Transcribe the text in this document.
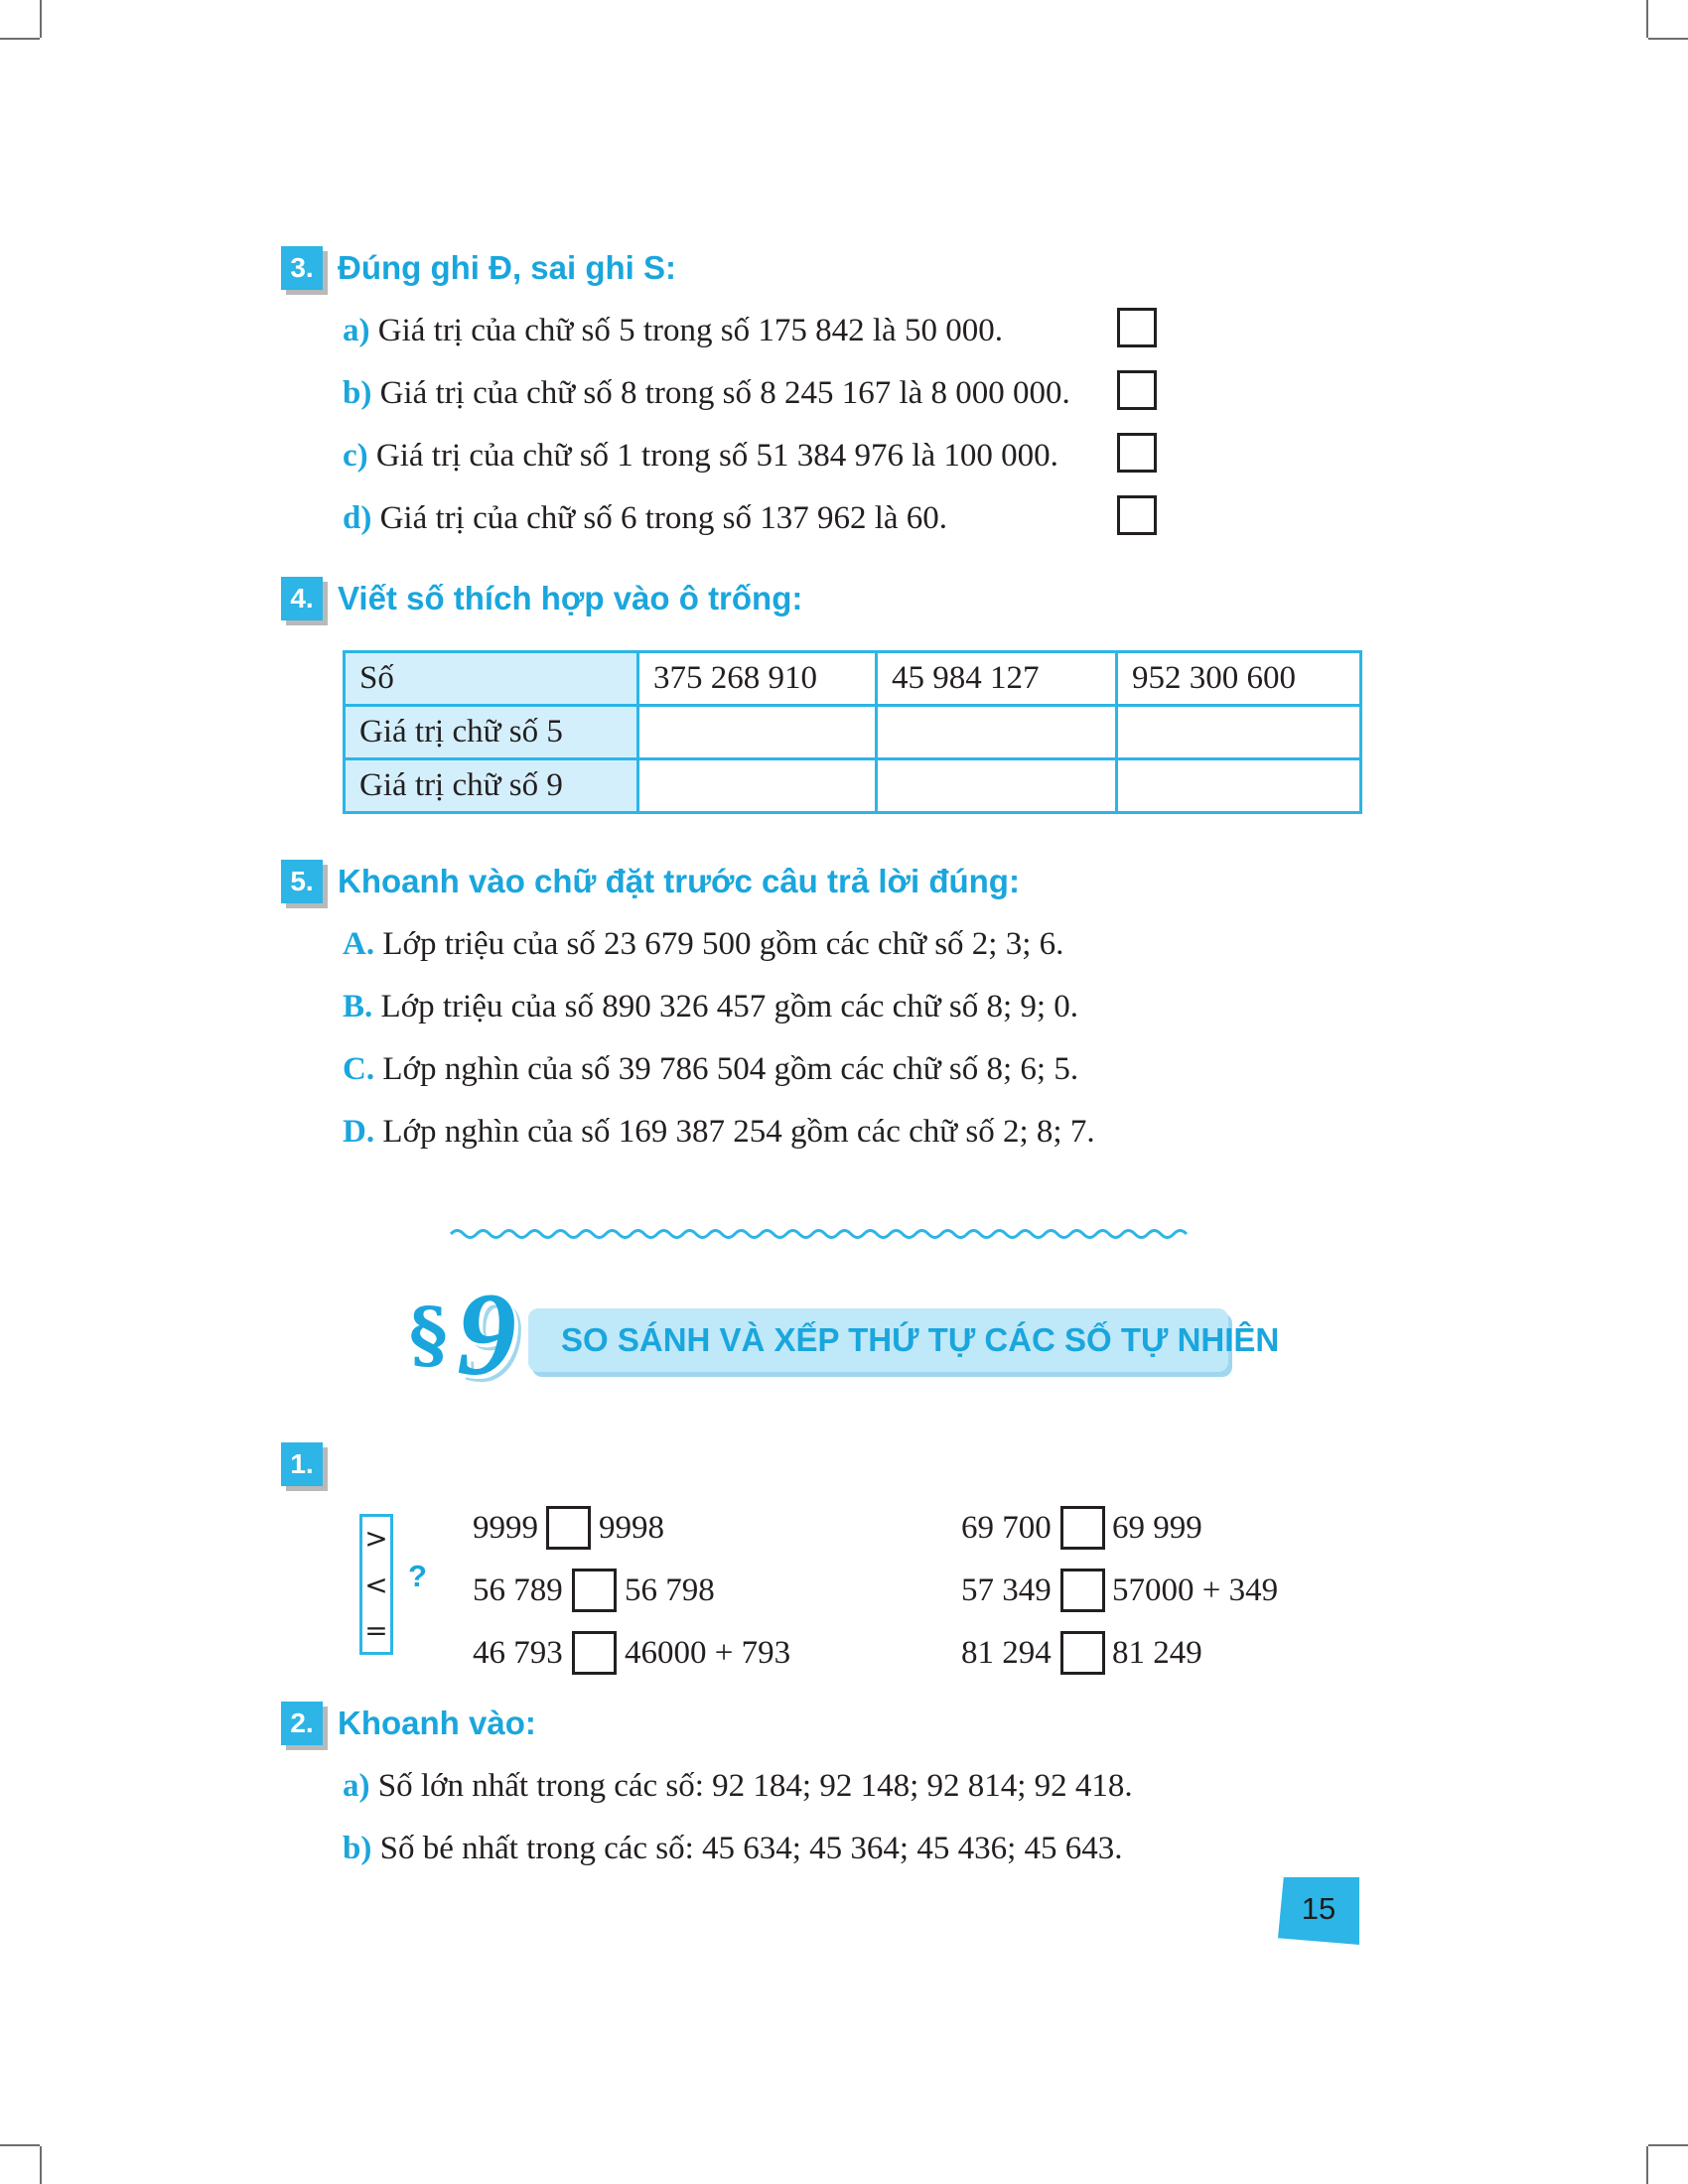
3. Đúng ghi Đ, sai ghi S:
a) Giá trị của chữ số 5 trong số 175 842 là 50 000.
b) Giá trị của chữ số 8 trong số 8 245 167 là 8 000 000.
c) Giá trị của chữ số 1 trong số 51 384 976 là 100 000.
d) Giá trị của chữ số 6 trong số 137 962 là 60.
4. Viết số thích hợp vào ô trống:
Số	375 268 910	45 984 127	952 300 600
Giá trị chữ số 5			
Giá trị chữ số 9			
5. Khoanh vào chữ đặt trước câu trả lời đúng:
A. Lớp triệu của số 23 679 500 gồm các chữ số 2; 3; 6.
B. Lớp triệu của số 890 326 457 gồm các chữ số 8; 9; 0.
C. Lớp nghìn của số 39 786 504 gồm các chữ số 8; 6; 5.
D. Lớp nghìn của số 169 387 254 gồm các chữ số 2; 8; 7.
§ 9 SO SÁNH VÀ XẾP THỨ TỰ CÁC SỐ TỰ NHIÊN
1.
>
<
=
?
9999 9998
56 789 56 798
46 793 46000 + 793
69 700 69 999
57 349 57000 + 349
81 294 81 249
2. Khoanh vào:
a) Số lớn nhất trong các số: 92 184; 92 148; 92 814; 92 418.
b) Số bé nhất trong các số: 45 634; 45 364; 45 436; 45 643.
15
